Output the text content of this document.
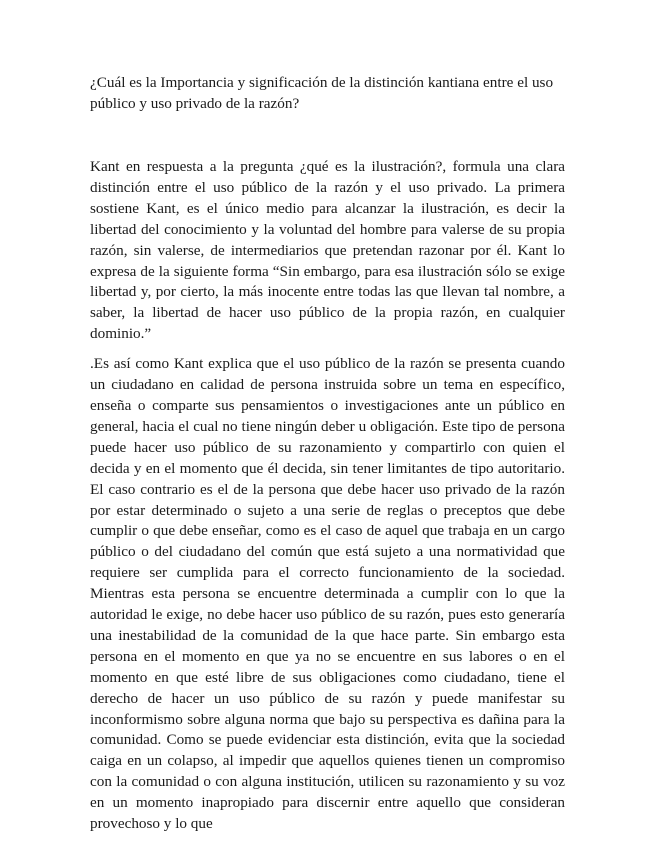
¿Cuál es la Importancia y significación de la distinción kantiana entre el uso público y uso privado de la razón?

Kant en respuesta a la pregunta ¿qué es la ilustración?, formula una clara distinción entre el uso público de la razón y el uso privado. La primera sostiene Kant, es el único medio para alcanzar la ilustración, es decir la libertad del conocimiento y la voluntad del hombre para valerse de su propia razón, sin valerse, de intermediarios que pretendan razonar por él. Kant lo expresa de la siguiente forma “Sin embargo, para esa ilustración sólo se exige libertad y, por cierto, la más inocente entre todas las que llevan tal nombre, a saber, la libertad de hacer uso público de la propia razón, en cualquier dominio.”

.Es así como Kant explica que el uso público de la razón se presenta cuando un ciudadano en calidad de persona instruida sobre un tema en específico, enseña o comparte sus pensamientos o investigaciones ante un público en general, hacia el cual no tiene ningún deber u obligación. Este tipo de persona puede hacer uso público de su razonamiento y compartirlo con quien el decida y en el momento que él decida, sin tener limitantes de tipo autoritario. El caso contrario es el de la persona que debe hacer uso privado de la razón por estar determinado o sujeto a una serie de reglas o preceptos que debe cumplir o que debe enseñar, como es el caso de aquel que trabaja en un cargo público o del ciudadano del común que está sujeto a una normatividad que requiere ser cumplida para el correcto funcionamiento de la sociedad. Mientras esta persona se encuentre determinada a cumplir con lo que la autoridad le exige, no debe hacer uso público de su razón, pues esto generaría una inestabilidad de la comunidad de la que hace parte. Sin embargo esta persona en el momento en que ya no se encuentre en sus labores o en el momento en que esté libre de sus obligaciones como ciudadano, tiene el derecho de hacer un uso público de su razón y puede manifestar su inconformismo sobre alguna norma que bajo su perspectiva es dañina para la comunidad. Como se puede evidenciar esta distinción, evita que la sociedad caiga en un colapso, al impedir que aquellos quienes tienen un compromiso con la comunidad o con alguna institución, utilicen su razonamiento y su voz en un momento inapropiado para discernir entre aquello que consideran provechoso y lo que
